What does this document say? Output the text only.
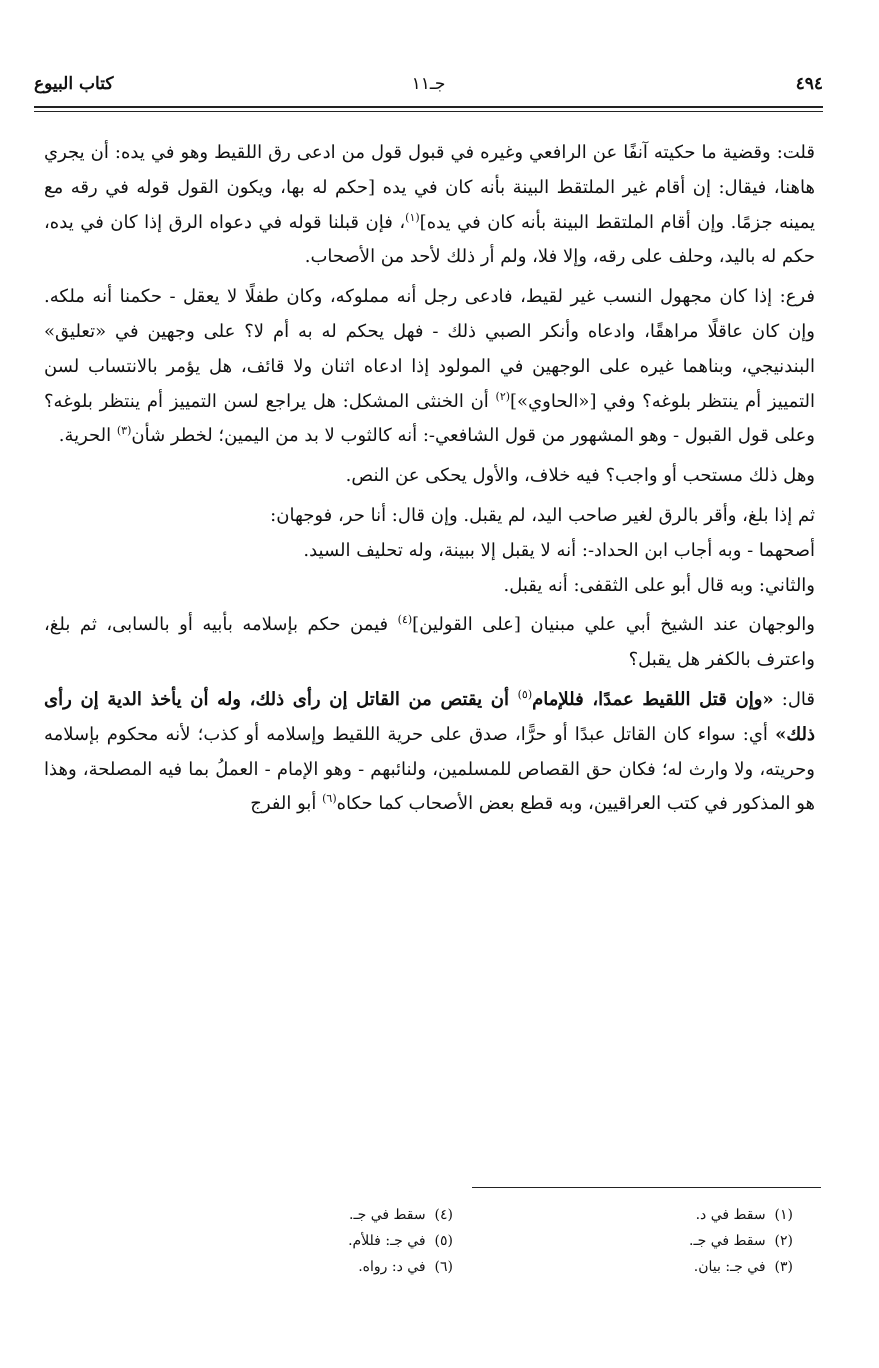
٤٩٤
جـ١١
كتاب البيوع

قلت: وقضية ما حكيته آنفًا عن الرافعي وغيره في قبول قول من ادعى رق اللقيط وهو في يده: أن يجري هاهنا، فيقال: إن أقام غير الملتقط البينة بأنه كان في يده [حكم له بها، ويكون القول قوله في رقه مع يمينه جزمًا. وإن أقام الملتقط البينة بأنه كان في يده]$^{(١)}$، فإن قبلنا قوله في دعواه الرق إذا كان في يده، حكم له باليد، وحلف على رقه، وإلا فلا، ولم أر ذلك لأحد من الأصحاب.

فرع: إذا كان مجهول النسب غير لقيط، فادعى رجل أنه مملوكه، وكان طفلًا لا يعقل - حكمنا أنه ملكه. وإن كان عاقلًا مراهقًا، وادعاه وأنكر الصبي ذلك - فهل يحكم له به أم لا؟ على وجهين في «تعليق» البندنيجي، وبناهما غيره على الوجهين في المولود إذا ادعاه اثنان ولا قائف، هل يؤمر بالانتساب لسن التمييز أم ينتظر بلوغه؟ وفي [«الحاوي»]$^{(٢)}$ أن الخنثى المشكل: هل يراجع لسن التمييز أم ينتظر بلوغه؟ وعلى قول القبول - وهو المشهور من قول الشافعي-: أنه كالثوب لا بد من اليمين؛ لخطر شأن$^{(٣)}$ الحرية.

وهل ذلك مستحب أو واجب؟ فيه خلاف، والأول يحكى عن النص.

ثم إذا بلغ، وأقر بالرق لغير صاحب اليد، لم يقبل. وإن قال: أنا حر، فوجهان:

أصحهما - وبه أجاب ابن الحداد-: أنه لا يقبل إلا ببينة، وله تحليف السيد.

والثاني: وبه قال أبو على الثقفى: أنه يقبل.

والوجهان عند الشيخ أبي علي مبنيان [على القولين]$^{(٤)}$ فيمن حكم بإسلامه بأبيه أو بالسابى، ثم بلغ، واعترف بالكفر هل يقبل؟

قال: «وإن قتل اللقيط عمدًا، فللإمام$^{(٥)}$ أن يقتص من القاتل إن رأى ذلك، وله أن يأخذ الدية إن رأى ذلك» أي: سواء كان القاتل عبدًا أو حرًّا، صدق على حرية اللقيط وإسلامه أو كذب؛ لأنه محكوم بإسلامه وحريته، ولا وارث له؛ فكان حق القصاص للمسلمين، ولنائبهم - وهو الإمام - العملُ بما فيه المصلحة، وهذا هو المذكور في كتب العراقيين، وبه قطع بعض الأصحاب كما حكاه$^{(٦)}$ أبو الفرج

(١)  سقط في د.
(٢)  سقط في جـ.
(٣)  في جـ: بيان.
(٤)  سقط في جـ.
(٥)  في جـ: فللأم.
(٦)  في د: رواه.
